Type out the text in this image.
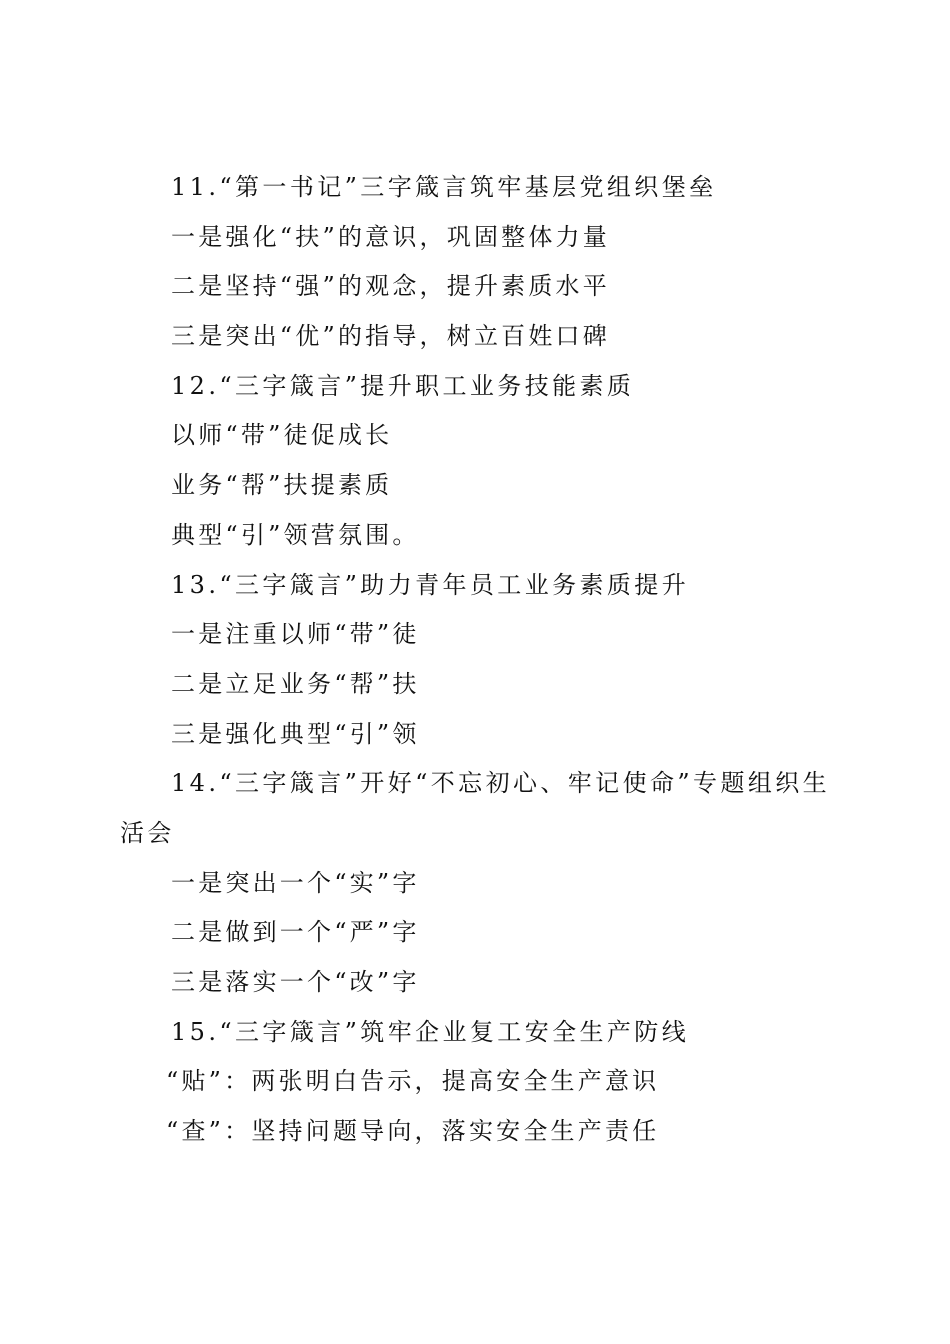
11.“第一书记”三字箴言筑牢基层党组织堡垒
一是强化“扶”的意识，巩固整体力量
二是坚持“强”的观念，提升素质水平
三是突出“优”的指导，树立百姓口碑
12.“三字箴言”提升职工业务技能素质
以师“带”徒促成长
业务“帮”扶提素质
典型“引”领营氛围。
13.“三字箴言”助力青年员工业务素质提升
一是注重以师“带”徒
二是立足业务“帮”扶
三是强化典型“引”领
14.“三字箴言”开好“不忘初心、牢记使命”专题组织生活会
一是突出一个“实”字
二是做到一个“严”字
三是落实一个“改”字
15.“三字箴言”筑牢企业复工安全生产防线
“贴”：两张明白告示，提高安全生产意识
“查”：坚持问题导向，落实安全生产责任
